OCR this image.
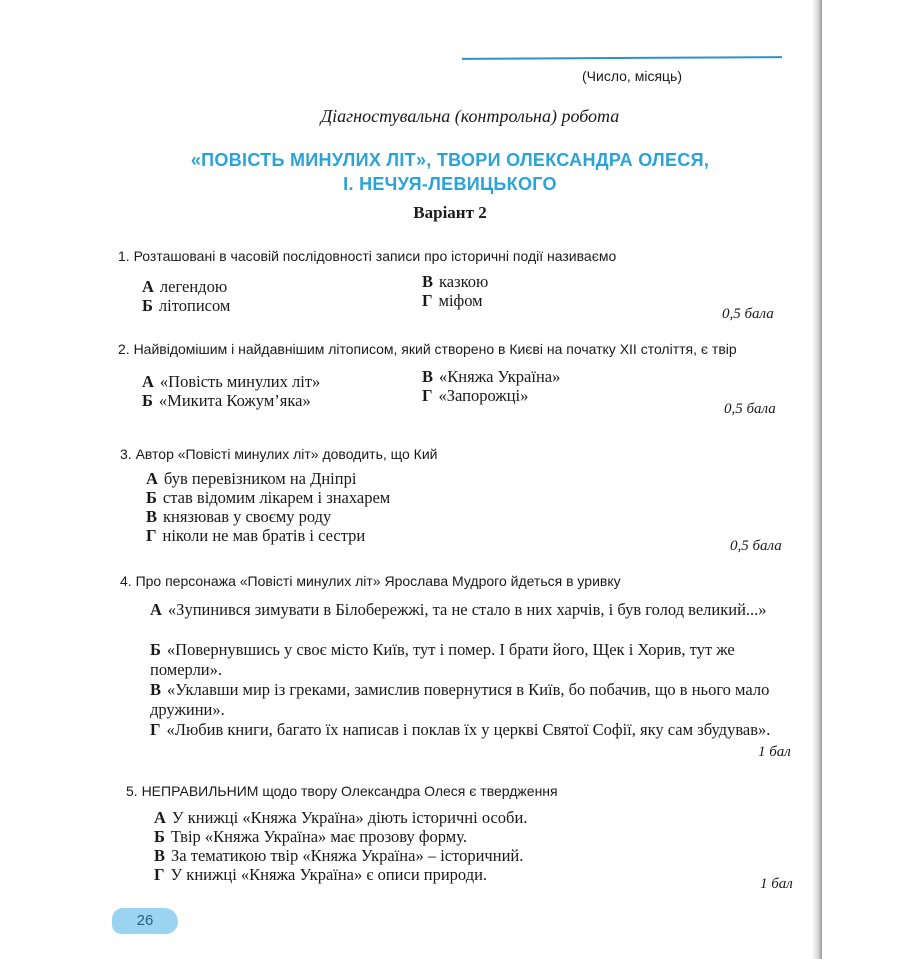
(Число, місяць)
Діагностувальна (контрольна) робота
«ПОВІСТЬ МИНУЛИХ ЛІТ», ТВОРИ ОЛЕКСАНДРА ОЛЕСЯ,
І. НЕЧУЯ-ЛЕВИЦЬКОГО
Варіант 2
1. Розташовані в часовій послідовності записи про історичні події називаємо
А легендою
Б літописом
В казкою
Г міфом
0,5 бала
2. Найвідомішим і найдавнішим літописом, який створено в Києві на початку XII століття, є твір
А «Повість минулих літ»
Б «Микита Кожум’яка»
В «Княжа Україна»
Г «Запорожці»
0,5 бала
3. Автор «Повісті минулих літ» доводить, що Кий
А був перевізником на Дніпрі
Б став відомим лікарем і знахарем
В князював у своєму роду
Г ніколи не мав братів і сестри
0,5 бала
4. Про персонажа «Повісті минулих літ» Ярослава Мудрого йдеться в уривку
А «Зупинився зимувати в Білобережжі, та не стало в них харчів, і був голод великий...»
Б «Повернувшись у своє місто Київ, тут і помер. І брати його, Щек і Хорив, тут же померли».
В «Уклавши мир із греками, замислив повернутися в Київ, бо побачив, що в нього мало дружини».
Г «Любив книги, багато їх написав і поклав їх у церкві Святої Софії, яку сам збудував».
1 бал
5. НЕПРАВИЛЬНИМ щодо твору Олександра Олеся є твердження
А У книжці «Княжа Україна» діють історичні особи.
Б Твір «Княжа Україна» має прозову форму.
В За тематикою твір «Княжа Україна» – історичний.
Г У книжці «Княжа Україна» є описи природи.	1 бал
26
